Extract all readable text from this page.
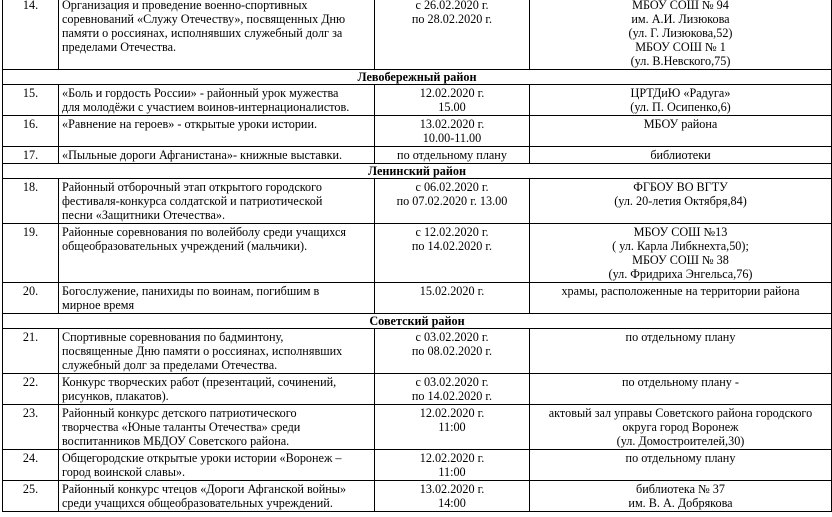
14.	Организация и проведение военно-спортивных
соревнований «Служу Отечеству», посвященных Дню
памяти о россиянах, исполнявших служебный долг за
пределами Отечества.	с 26.02.2020 г.
по 28.02.2020 г.	МБОУ СОШ № 94
им. А.И. Лизюкова
(ул. Г. Лизюкова,52)
МБОУ СОШ № 1
(ул. В.Невского,75)

Левобережный район			
15.	«Боль и гордость России» - районный урок мужества
для молодёжи с участием воинов-интернационалистов.	12.02.2020 г.
15.00	ЦРТДиЮ «Радуга»
(ул. П. Осипенко,6)

16.	«Равнение на героев» - открытые уроки истории.	13.02.2020 г.
10.00-11.00	МБОУ района

17.	«Пыльные дороги Афганистана»- книжные выставки.	по отдельному плану	библиотеки

Ленинский район			
18.	Районный отборочный этап открытого городского
фестиваля-конкурса солдатской и патриотической
песни «Защитники Отечества».	с 06.02.2020 г.
по 07.02.2020 г. 13.00	ФГБОУ ВО ВГТУ
(ул. 20-летия Октября,84)

19.	Районные соревнования по волейболу среди учащихся
общеобразовательных учреждений (мальчики).	с 12.02.2020 г.
по 14.02.2020 г.	МБОУ СОШ №13
( ул. Карла Либкнехта,50);
МБОУ СОШ № 38
(ул. Фридриха Энгельса,76)

20.	Богослужение, панихиды по воинам, погибшим в
мирное время	15.02.2020 г.	храмы, расположенные на территории района

Советский район			
21.	Спортивные соревнования по бадминтону,
посвященные Дню памяти о россиянах, исполнявших
служебный долг за пределами Отечества.	с 03.02.2020 г.
по 08.02.2020 г.	по отдельному плану

22.	Конкурс творческих работ (презентаций, сочинений,
рисунков, плакатов).	с 03.02.2020 г.
по 14.02.2020 г.	по отдельному плану -

23.	Районный конкурс детского патриотического
творчества «Юные таланты Отечества» среди
воспитанников МБДОУ Советского района.	12.02.2020 г.
11:00	актовый зал управы Советского района городского
округа город Воронеж
(ул. Домостроителей,30)

24.	Общегородские открытые уроки истории «Воронеж –
город воинской славы».	12.02.2020 г.
11:00	по отдельному плану

25.	Районный конкурс чтецов «Дороги Афганской войны»
среди учащихся общеобразовательных учреждений.	13.02.2020 г.
14:00	библиотека № 37
им. В. А. Добрякова
